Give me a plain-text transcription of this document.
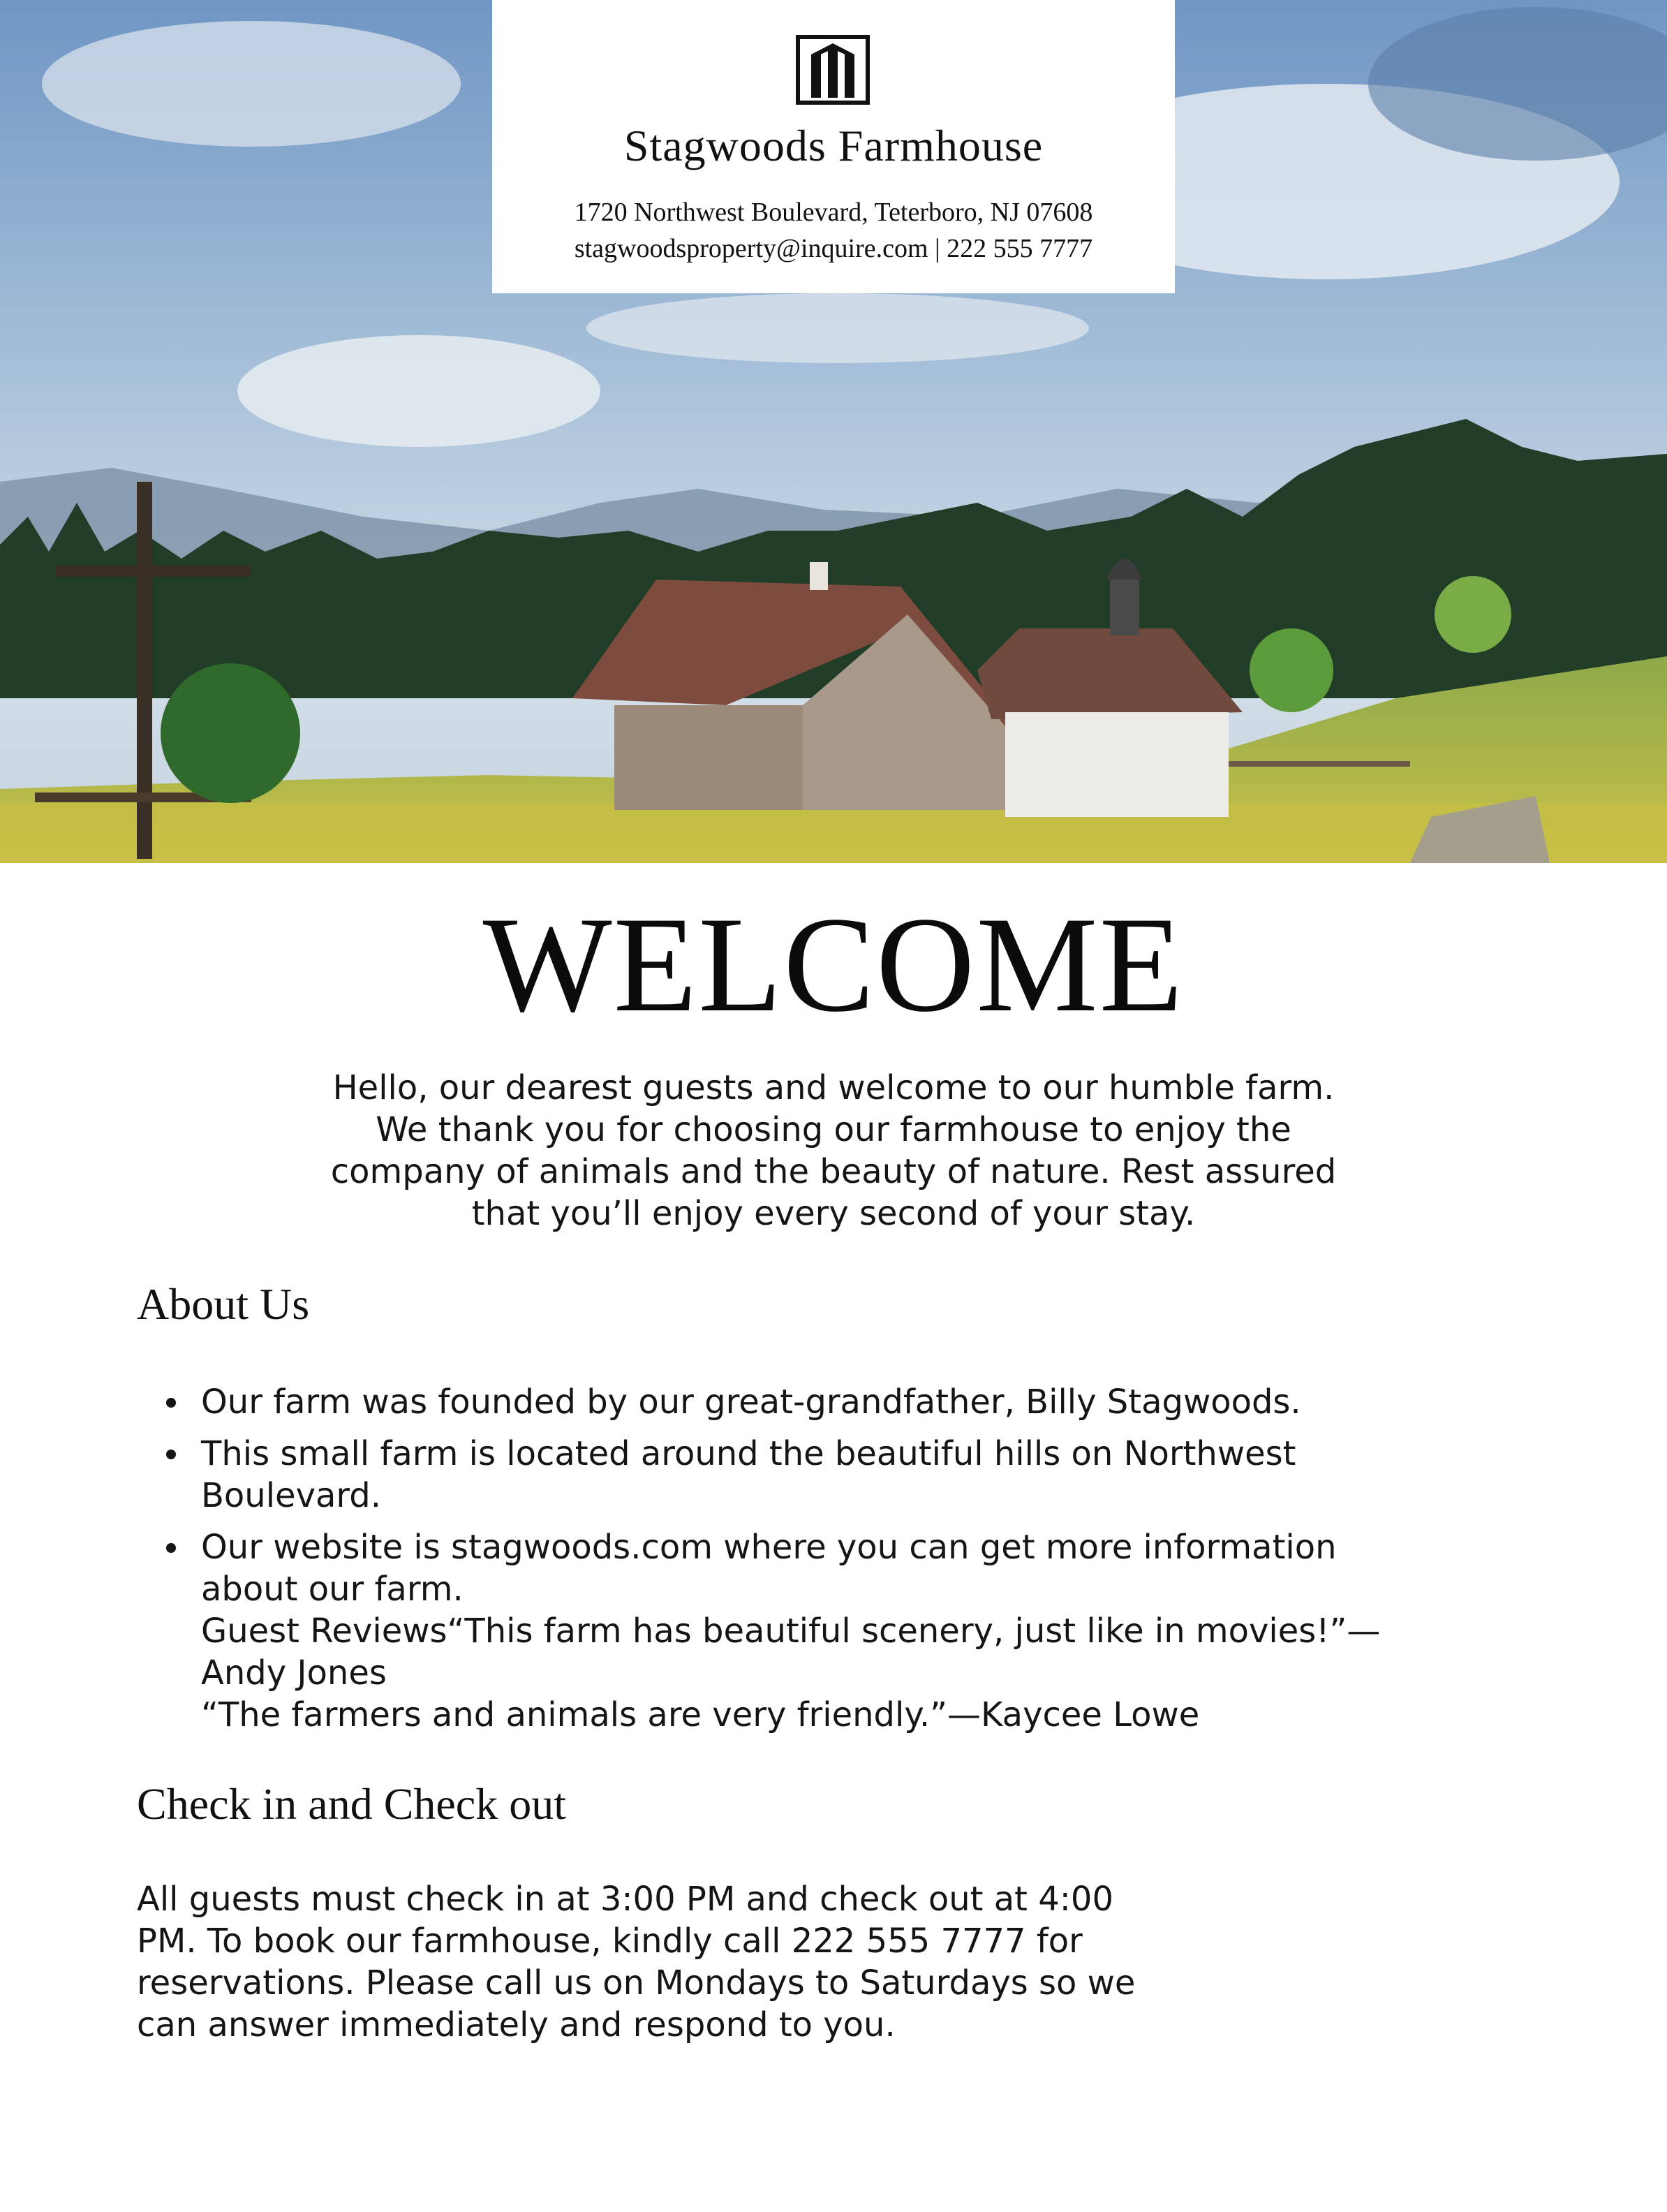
Stagwoods Farmhouse
1720 Northwest Boulevard, Teterboro, NJ 07608
stagwoodsproperty@inquire.com | 222 555 7777
WELCOME
Hello, our dearest guests and welcome to our humble farm.
We thank you for choosing our farmhouse to enjoy the
company of animals and the beauty of nature. Rest assured
that you’ll enjoy every second of your stay.
About Us
Our farm was founded by our great-grandfather, Billy Stagwoods.
This small farm is located around the beautiful hills on Northwest
Boulevard.
Our website is stagwoods.com where you can get more information
about our farm.
Guest Reviews“This farm has beautiful scenery, just like in movies!”—
Andy Jones
“The farmers and animals are very friendly.”—Kaycee Lowe
Check in and Check out
All guests must check in at 3:00 PM and check out at 4:00
PM. To book our farmhouse, kindly call 222 555 7777 for
reservations. Please call us on Mondays to Saturdays so we
can answer immediately and respond to you.
